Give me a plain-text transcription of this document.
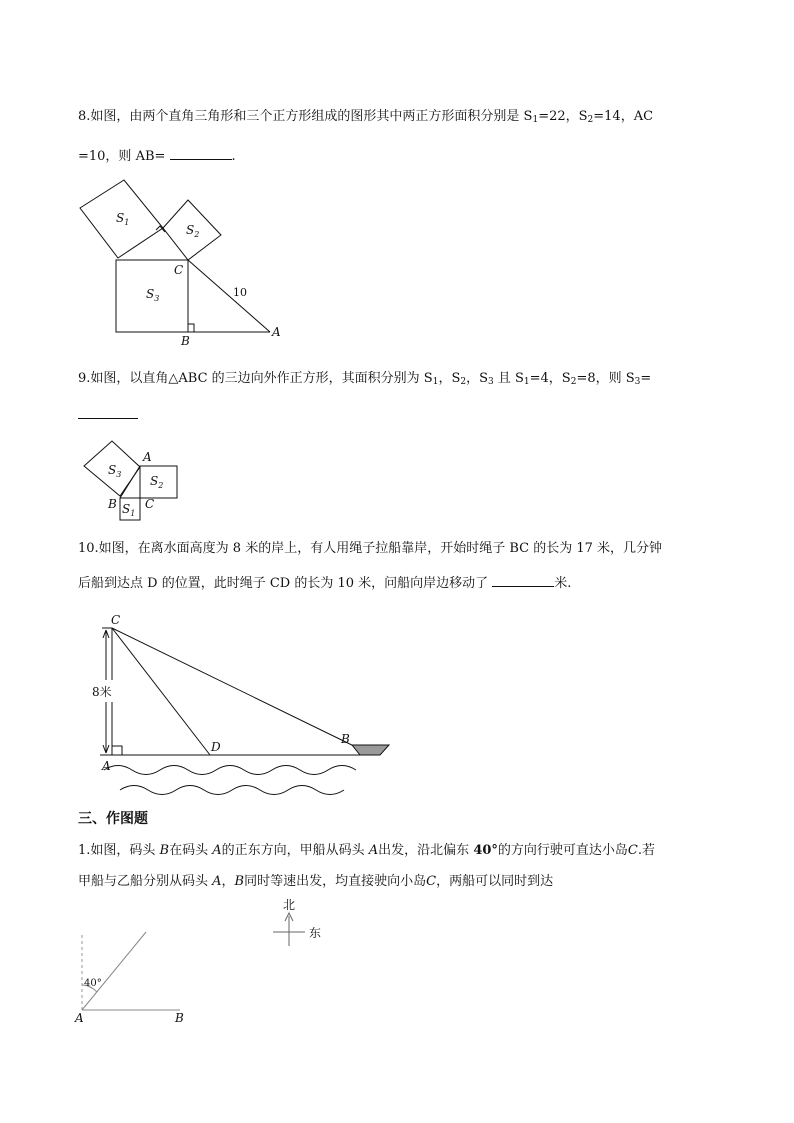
8.如图，由两个直角三角形和三个正方形组成的图形其中两正方形面积分别是 $S_1=22$，$S_2=14$，AC
=10，则 AB=	.
$S_1$
$S_2$
$S_3$
C
B
A
10
9.如图，以直角△ABC 的三边向外作正方形，其面积分别为 $S_1$，$S_2$，$S_3$ 且 $S_1=4$，$S_2=8$，则 $S_3=$
$S_3$ $S_2$
$S_1$
A
B C
10.如图，在离水面高度为 8 米的岸上，有人用绳子拉船靠岸，开始时绳子 BC 的长为 17 米，几分钟
后船到达点 D 的位置，此时绳子 CD 的长为 10 米，问船向岸边移动了	米.
8米
C
D
B
A
三、作图题
1.如图，码头 B在码头 A的正东方向，甲船从码头 A出发，沿北偏东 40°的方向行驶可直达小岛C.若
甲船与乙船分别从码头 A，B同时等速出发，均直接驶向小岛C，两船可以同时到达
北
东
40°
A	B
